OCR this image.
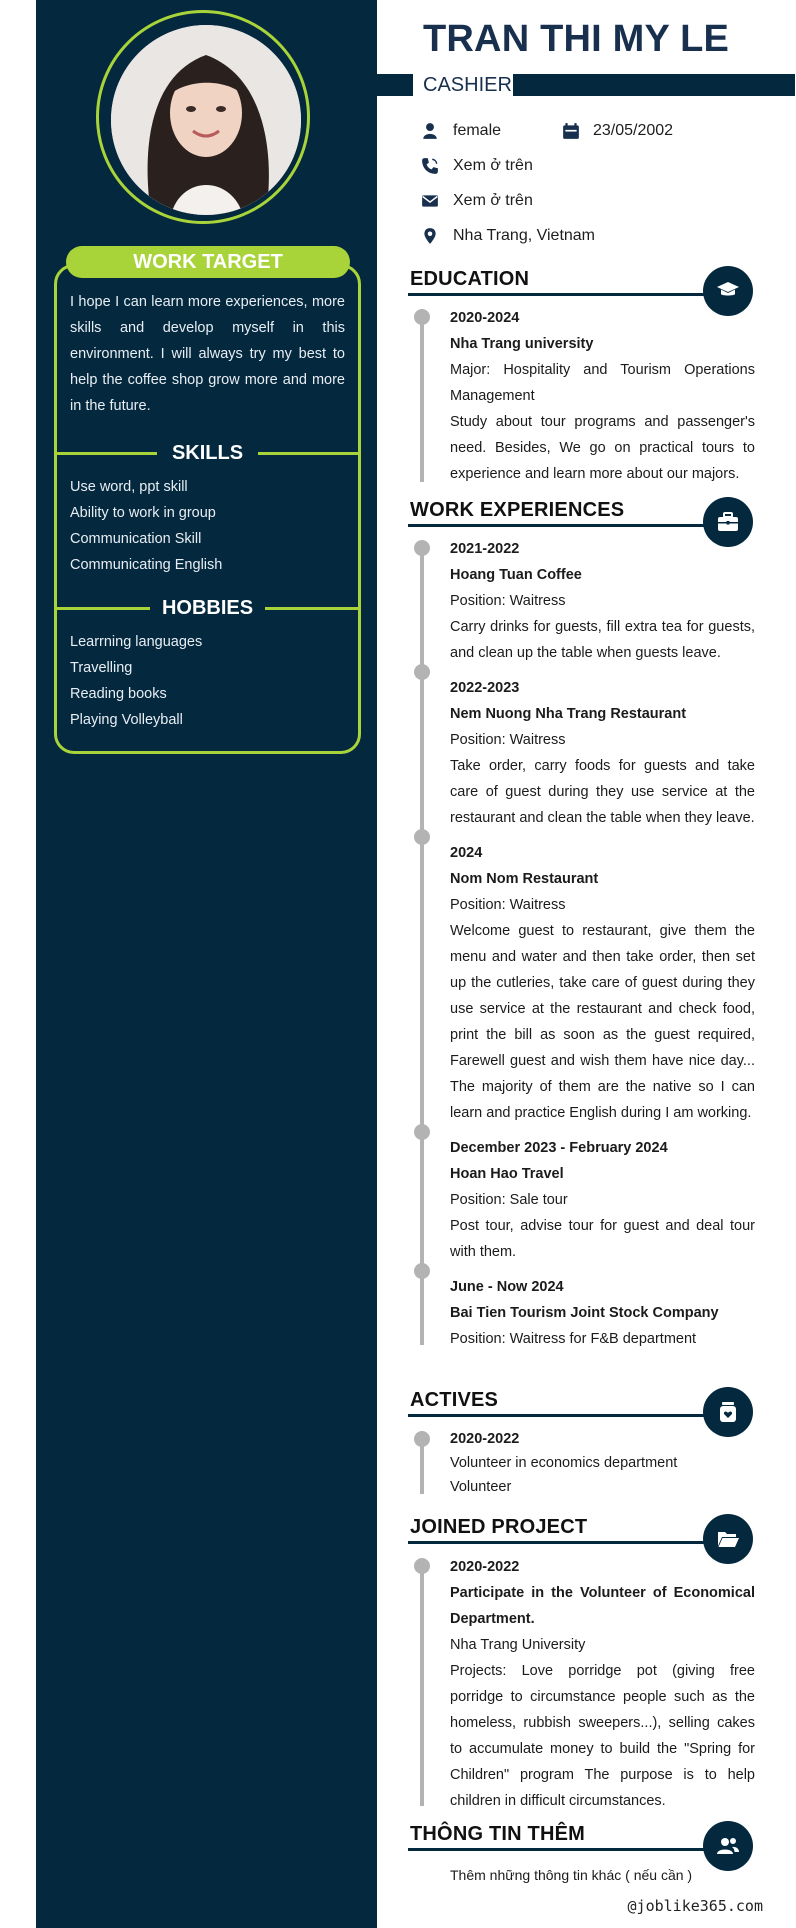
WORK TARGET
I hope I can learn more experiences, more skills and develop myself in this environment. I will always try my best to help the coffee shop grow more and more in the future.
SKILLS
Use word, ppt skill
Ability to work in group
Communication Skill
Communicating English
HOBBIES
Learrning languages
Travelling
Reading books
Playing Volleyball
TRAN THI MY LE
CASHIER
female	23/05/2002
Xem ở trên
Xem ở trên
Nha Trang, Vietnam
EDUCATION
2020-2024
Nha Trang university
Major: Hospitality and Tourism Operations Management
Study about tour programs and passenger's need. Besides, We go on practical tours to experience and learn more about our majors.
WORK EXPERIENCES
2021-2022
Hoang Tuan Coffee
Position: Waitress
Carry drinks for guests, fill extra tea for guests, and clean up the table when guests leave.
2022-2023
Nem Nuong Nha Trang Restaurant
Position: Waitress
Take order, carry foods for guests and take care of guest during they use service at the restaurant and clean the table when they leave.
2024
Nom Nom Restaurant
Position: Waitress
Welcome guest to restaurant, give them the menu and water and then take order, then set up the cutleries, take care of guest during they use service at the restaurant and check food, print the bill as soon as the guest required, Farewell guest and wish them have nice day... The majority of them are the native so I can learn and practice English during I am working.
December 2023 - February 2024
Hoan Hao Travel
Position: Sale tour
Post tour, advise tour for guest and deal tour with them.
June - Now 2024
Bai Tien Tourism Joint Stock Company
Position: Waitress for F&B department
ACTIVES
2020-2022
Volunteer in economics department
Volunteer
JOINED PROJECT
2020-2022
Participate in the Volunteer of Economical Department.
Nha Trang University
Projects: Love porridge pot (giving free porridge to circumstance people such as the homeless, rubbish sweepers...), selling cakes to accumulate money to build the "Spring for Children" program The purpose is to help children in difficult circumstances.
THÔNG TIN THÊM
Thêm những thông tin khác ( nếu cần )
@joblike365.com
